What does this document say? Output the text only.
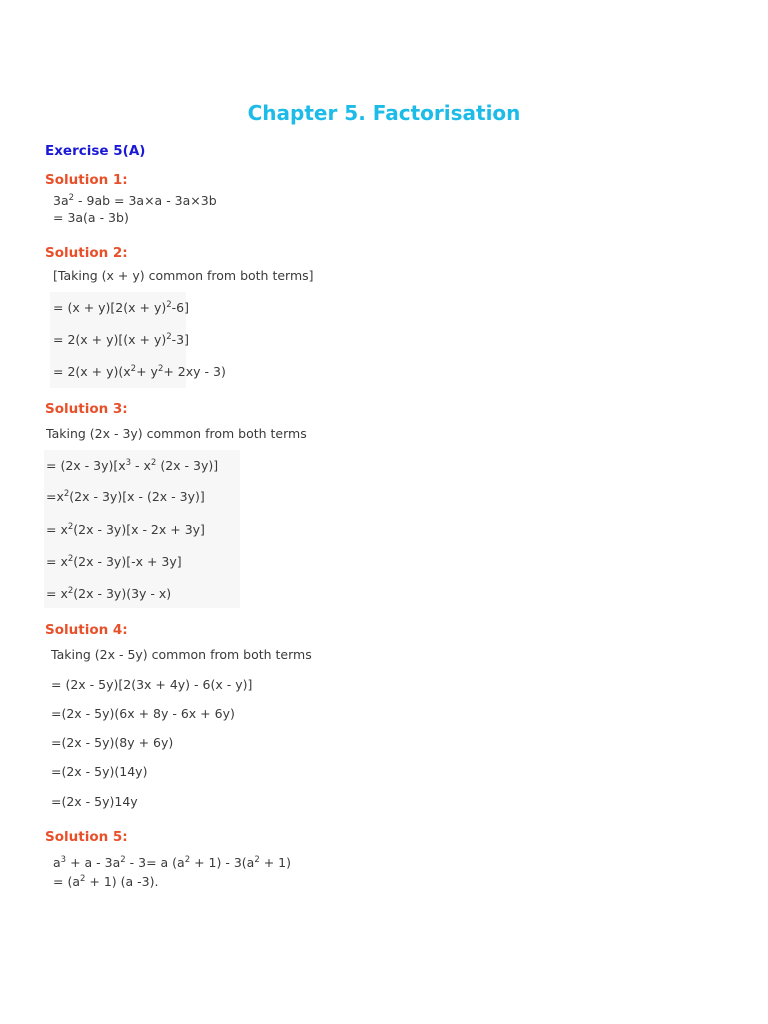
Chapter 5. Factorisation
Exercise 5(A)
Solution 1:
$3a^2 - 9ab = 3a\times a - 3a\times 3b$
= 3a(a - 3b)
Solution 2:
[Taking (x + y) common from both terms]
= $(x + y)[2(x + y)^2-6]$
= $2(x + y)[(x + y)^2-3]$
= $2(x + y)(x^2+ y^2+ 2xy - 3)$
Solution 3:
Taking (2x - 3y) common from both terms
= $(2x - 3y)[x^3 - x^2$ (2x - 3y)]
$=x^2(2x - 3y)[x - (2x - 3y)]$
= $x^2(2x - 3y)[x - 2x + 3y]$
= $x^2(2x - 3y)[-x + 3y]$
= $x^2(2x - 3y)(3y - x)$
Solution 4:
Taking (2x - 5y) common from both terms
= (2x - 5y)[2(3x + 4y) - 6(x - y)]
=(2x - 5y)(6x + 8y - 6x + 6y)
=(2x - 5y)(8y + 6y)
=(2x - 5y)(14y)
=(2x - 5y)14y
Solution 5:
$a^3 + a - 3a^2 - 3= a$ $(a^2 + 1) - 3(a^2 + 1)$
= $(a^2 + 1)$ (a -3).
